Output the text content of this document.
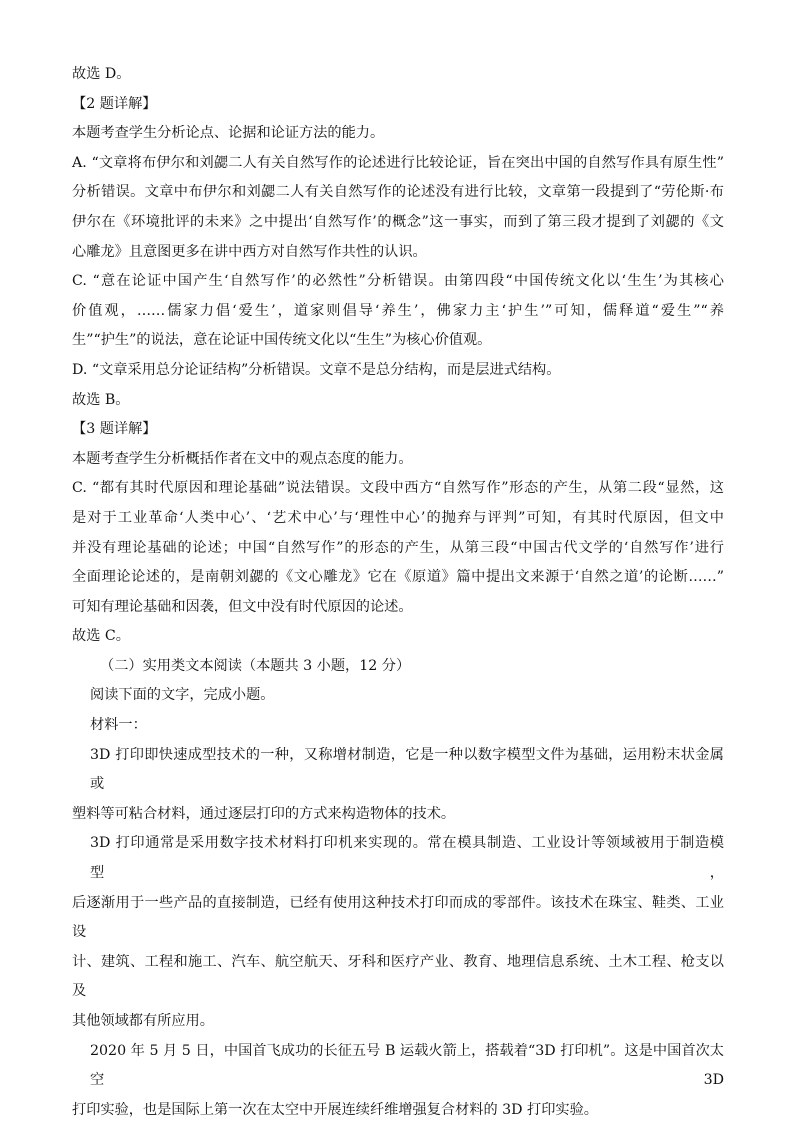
故选 D。

【2 题详解】

本题考查学生分析论点、论据和论证方法的能力。

A. “文章将布伊尔和刘勰二人有关自然写作的论述进行比较论证，旨在突出中国的自然写作具有原生性”

分析错误。文章中布伊尔和刘勰二人有关自然写作的论述没有进行比较，文章第一段提到了“劳伦斯·布

伊尔在《环境批评的未来》之中提出‘自然写作’的概念”这一事实，而到了第三段才提到了刘勰的《文

心雕龙》且意图更多在讲中西方对自然写作共性的认识。

C. “意在论证中国产生‘自然写作’的必然性”分析错误。由第四段“中国传统文化以‘生生’为其核心

价值观，……儒家力倡‘爱生’，道家则倡导‘养生’，佛家力主‘护生’”可知，儒释道“爱生”“养

生”“护生”的说法，意在论证中国传统文化以“生生”为核心价值观。

D. “文章采用总分论证结构”分析错误。文章不是总分结构，而是层进式结构。

故选 B。

【3 题详解】

本题考查学生分析概括作者在文中的观点态度的能力。

C. “都有其时代原因和理论基础”说法错误。文段中西方“自然写作”形态的产生，从第二段“显然，这

是对于工业革命‘人类中心’、‘艺术中心’与‘理性中心’的抛弃与评判”可知，有其时代原因，但文中

并没有理论基础的论述；中国“自然写作”的形态的产生，从第三段“中国古代文学的‘自然写作’进行

全面理论论述的，是南朝刘勰的《文心雕龙》它在《原道》篇中提出文来源于‘自然之道’的论断……”

可知有理论基础和因袭，但文中没有时代原因的论述。

故选 C。

（二）实用类文本阅读（本题共 3 小题，12 分）

阅读下面的文字，完成小题。

材料一：

3D 打印即快速成型技术的一种，又称增材制造，它是一种以数字模型文件为基础，运用粉末状金属或

塑料等可粘合材料，通过逐层打印的方式来构造物体的技术。

3D 打印通常是采用数字技术材料打印机来实现的。常在模具制造、工业设计等领域被用于制造模型，

后逐渐用于一些产品的直接制造，已经有使用这种技术打印而成的零部件。该技术在珠宝、鞋类、工业设

计、建筑、工程和施工、汽车、航空航天、牙科和医疗产业、教育、地理信息系统、土木工程、枪支以及

其他领域都有所应用。

2020 年 5 月 5 日，中国首飞成功的长征五号 B 运载火箭上，搭载着“3D 打印机”。这是中国首次太空 3D

打印实验，也是国际上第一次在太空中开展连续纤维增强复合材料的 3D 打印实验。
